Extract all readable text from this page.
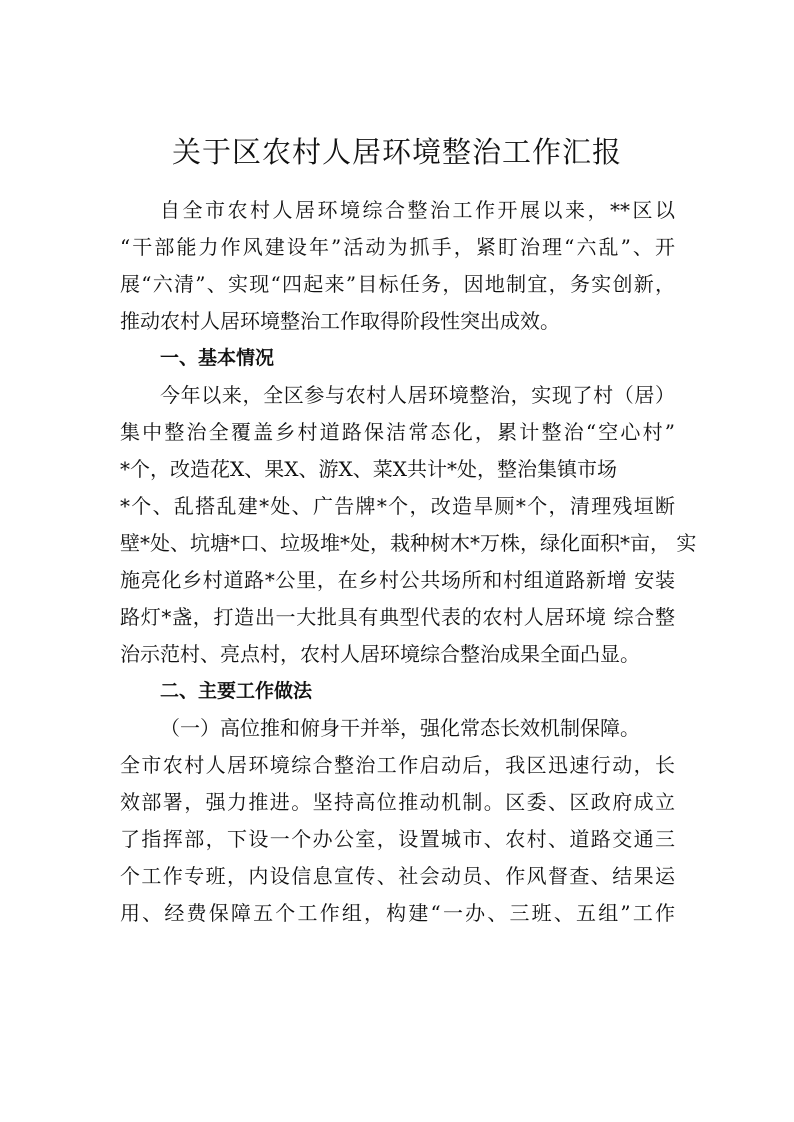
关于区农村人居环境整治工作汇报

自全市农村人居环境综合整治工作开展以来，**区以

“干部能力作风建设年”活动为抓手，紧盯治理“六乱”、开

展“六清”、实现“四起来”目标任务，因地制宜，务实创新，

推动农村人居环境整治工作取得阶段性突出成效。

一、基本情况

今年以来，全区参与农村人居环境整治，实现了村（居）

集中整治全覆盖乡村道路保洁常态化，累计整治“空心村”

*个，改造花X、果X、游X、菜X共计*处，整治集镇市场

*个、乱搭乱建*处、广告牌*个，改造旱厕*个，清理残垣断

壁*处、坑塘*口、垃圾堆*处，栽种树木*万株，绿化面积*亩， 实

施亮化乡村道路*公里，在乡村公共场所和村组道路新增 安装

路灯*盏，打造出一大批具有典型代表的农村人居环境 综合整

治示范村、亮点村，农村人居环境综合整治成果全面凸显。

二、主要工作做法

（一）高位推和俯身干并举，强化常态长效机制保障。

全市农村人居环境综合整治工作启动后，我区迅速行动，长

效部署，强力推进。坚持高位推动机制。区委、区政府成立

了指挥部，下设一个办公室，设置城市、农村、道路交通三

个工作专班，内设信息宣传、社会动员、作风督查、结果运

用、经费保障五个工作组，构建“一办、三班、五组”工作
